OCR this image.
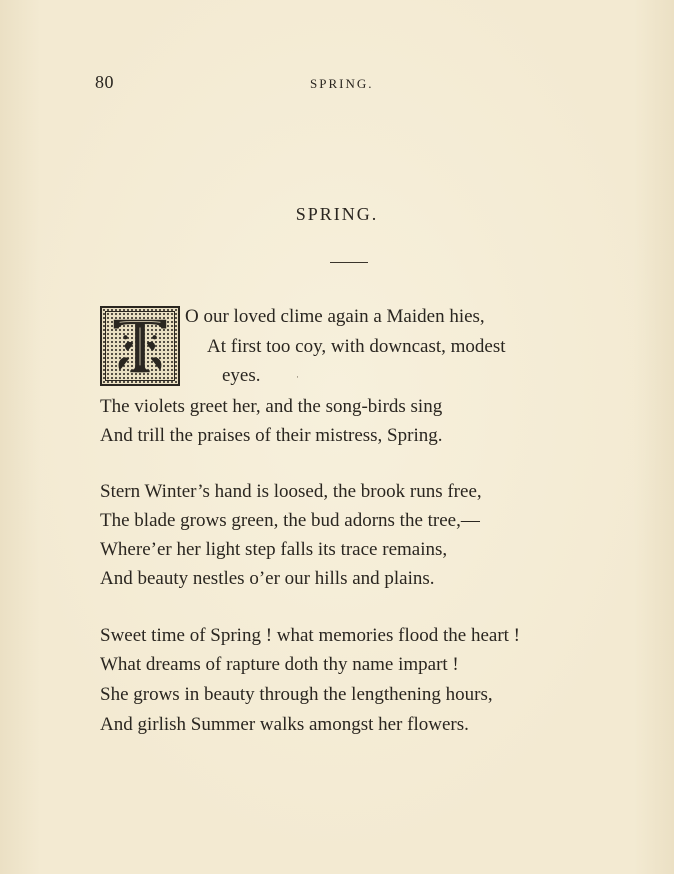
80	SPRING.
SPRING.
O our loved clime again a Maiden hies,
At first too coy, with downcast, modest
eyes.	·
The violets greet her, and the song-birds sing
And trill the praises of their mistress, Spring.
Stern Winter’s hand is loosed, the brook runs free,
The blade grows green, the bud adorns the tree,—
Where’er her light step falls its trace remains,
And beauty nestles o’er our hills and plains.
Sweet time of Spring ! what memories flood the heart !
What dreams of rapture doth thy name impart !
She grows in beauty through the lengthening hours,
And girlish Summer walks amongst her flowers.
